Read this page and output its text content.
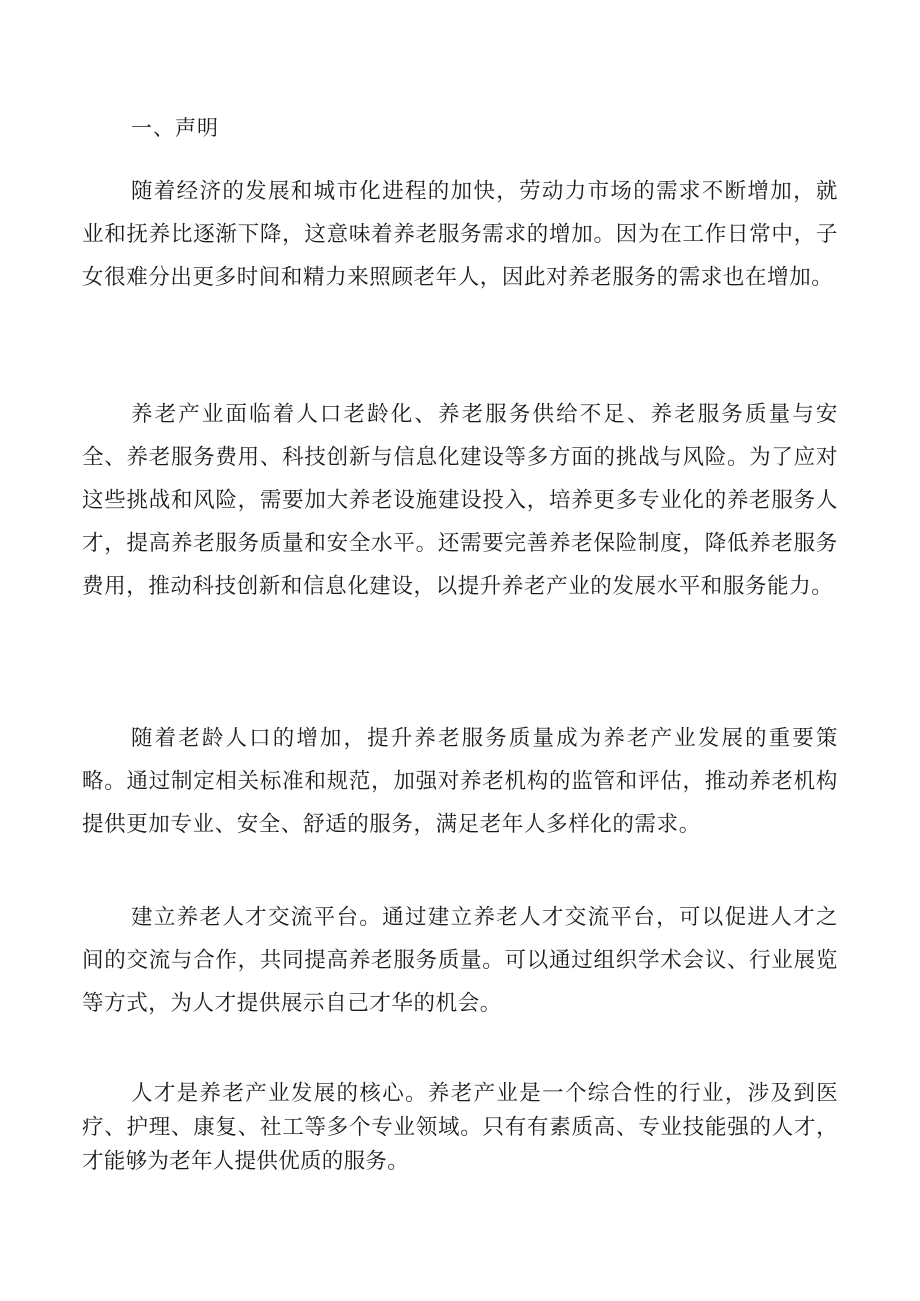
一、声明

随着经济的发展和城市化进程的加快，劳动力市场的需求不断增加，就业和抚养比逐渐下降，这意味着养老服务需求的增加。因为在工作日常中，子女很难分出更多时间和精力来照顾老年人，因此对养老服务的需求也在增加。

养老产业面临着人口老龄化、养老服务供给不足、养老服务质量与安全、养老服务费用、科技创新与信息化建设等多方面的挑战与风险。为了应对这些挑战和风险，需要加大养老设施建设投入，培养更多专业化的养老服务人才，提高养老服务质量和安全水平。还需要完善养老保险制度，降低养老服务费用，推动科技创新和信息化建设，以提升养老产业的发展水平和服务能力。

随着老龄人口的增加，提升养老服务质量成为养老产业发展的重要策略。通过制定相关标准和规范，加强对养老机构的监管和评估，推动养老机构提供更加专业、安全、舒适的服务，满足老年人多样化的需求。

建立养老人才交流平台。通过建立养老人才交流平台，可以促进人才之间的交流与合作，共同提高养老服务质量。可以通过组织学术会议、行业展览等方式，为人才提供展示自己才华的机会。

人才是养老产业发展的核心。养老产业是一个综合性的行业，涉及到医疗、护理、康复、社工等多个专业领域。只有有素质高、专业技能强的人才，才能够为老年人提供优质的服务。
